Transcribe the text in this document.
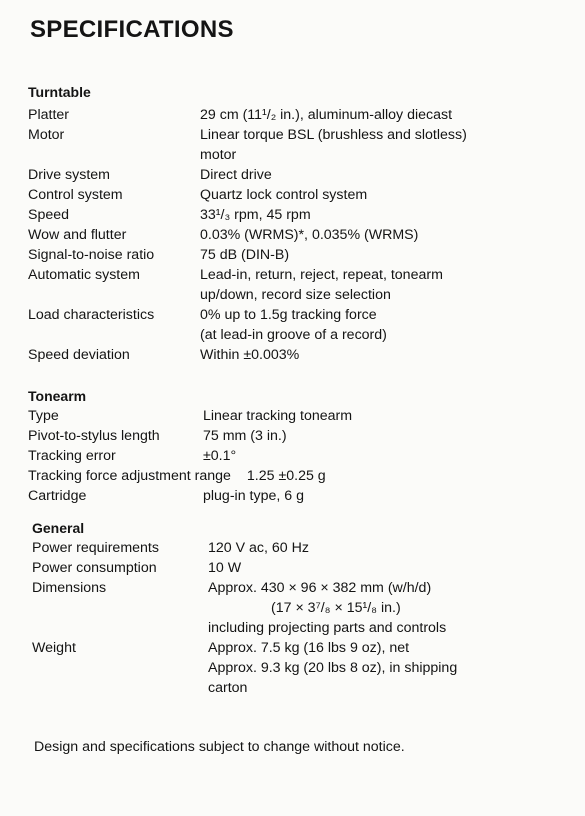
SPECIFICATIONS
Turntable
Platter	29 cm (11¹/₂ in.), aluminum-alloy diecast
Motor	Linear torque BSL (brushless and slotless)
motor
Drive system	Direct drive
Control system	Quartz lock control system
Speed	33¹/₃ rpm, 45 rpm
Wow and flutter	0.03% (WRMS)*, 0.035% (WRMS)
Signal-to-noise ratio	75 dB (DIN-B)
Automatic system	Lead-in, return, reject, repeat, tonearm
up/down, record size selection
Load characteristics	0% up to 1.5g tracking force
(at lead-in groove of a record)
Speed deviation	Within ±0.003%
Tonearm
Type	Linear tracking tonearm
Pivot-to-stylus length	75 mm (3 in.)
Tracking error	±0.1°
Tracking force adjustment range 1.25 ±0.25 g
Cartridge	plug-in type, 6 g
General
Power requirements	120 V ac, 60 Hz
Power consumption	10 W
Dimensions	Approx. 430 × 96 × 382 mm (w/h/d)
(17 × 3⁷/₈ × 15¹/₈ in.)
including projecting parts and controls
Weight	Approx. 7.5 kg (16 lbs 9 oz), net
Approx. 9.3 kg (20 lbs 8 oz), in shipping
carton
Design and specifications subject to change without notice.
